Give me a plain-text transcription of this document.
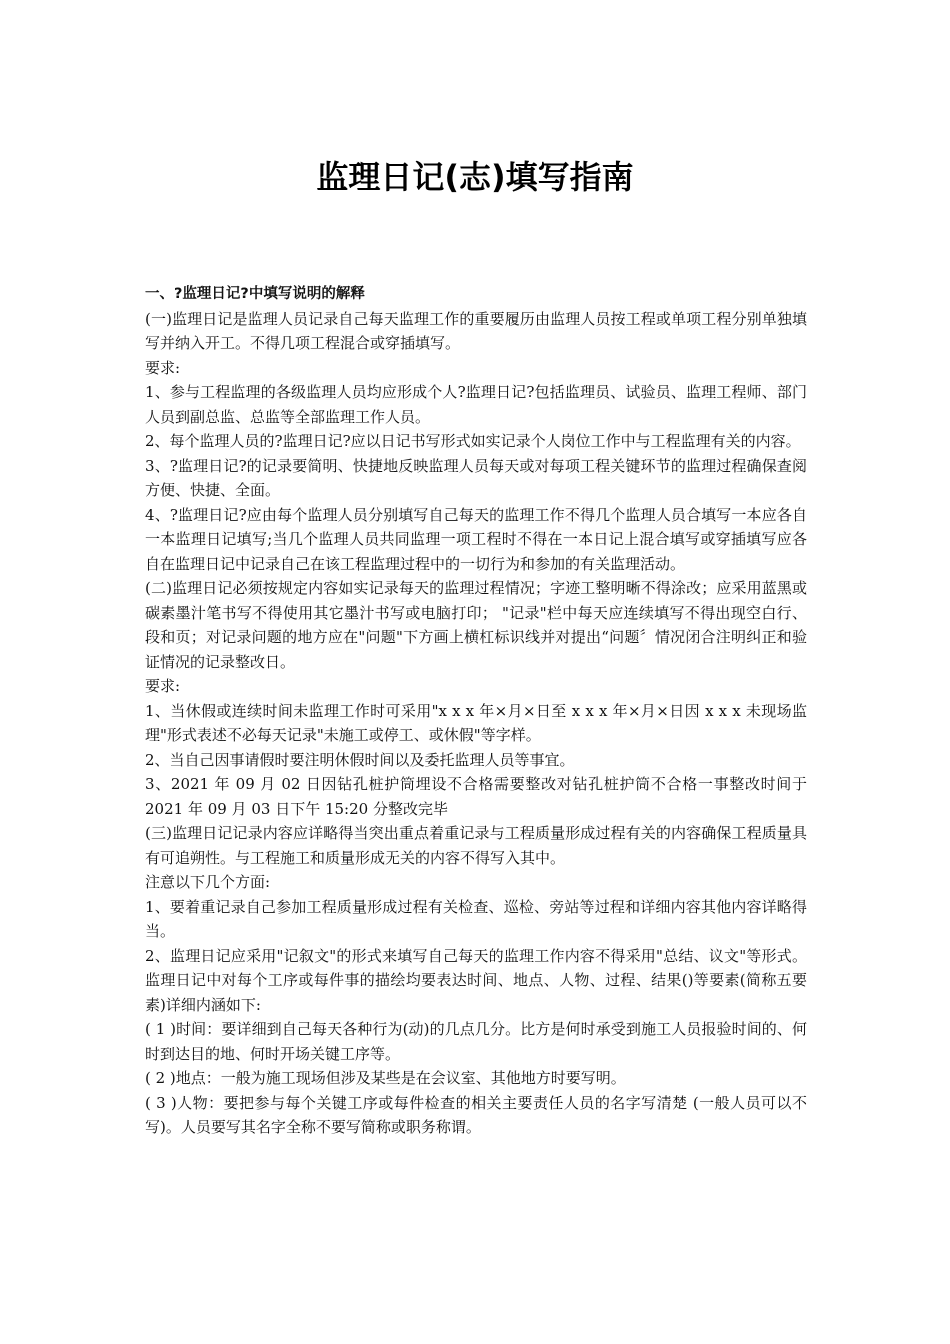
监理日记(志)填写指南

一、?监理日记?中填写说明的解释

(一)监理日记是监理人员记录自己每天监理工作的重要履历由监理人员按工程或单项工程分别单独填写并纳入开工。不得几项工程混合或穿插填写。

要求:

1、参与工程监理的各级监理人员均应形成个人?监理日记?包括监理员、试验员、监理工程师、部门人员到副总监、总监等全部监理工作人员。

2、每个监理人员的?监理日记?应以日记书写形式如实记录个人岗位工作中与工程监理有关的内容。

3、?监理日记?的记录要简明、快捷地反映监理人员每天或对每项工程关键环节的监理过程确保查阅方便、快捷、全面。

4、?监理日记?应由每个监理人员分别填写自己每天的监理工作不得几个监理人员合填写一本应各自一本监理日记填写;当几个监理人员共同监理一项工程时不得在一本日记上混合填写或穿插填写应各自在监理日记中记录自己在该工程监理过程中的一切行为和参加的有关监理活动。

(二)监理日记必须按规定内容如实记录每天的监理过程情况；字迹工整明晰不得涂改；应采用蓝黑或碳素墨汁笔书写不得使用其它墨汁书写或电脑打印； "记录"栏中每天应连续填写不得出现空白行、段和页；对记录问题的地方应在"问题"下方画上横杠标识线并对提出“问题〞情况闭合注明纠正和验证情况的记录整改日。

要求:

1、当休假或连续时间未监理工作时可采用"x x x 年×月×日至 x x x 年×月×日因 x x x 未现场监理"形式表述不必每天记录"未施工或停工、或休假"等字样。

2、当自己因事请假时要注明休假时间以及委托监理人员等事宜。

3、2021 年 09 月 02 日因钻孔桩护筒埋设不合格需要整改对钻孔桩护筒不合格一事整改时间于 2021 年 09 月 03 日下午 15:20 分整改完毕

(三)监理日记记录内容应详略得当突出重点着重记录与工程质量形成过程有关的内容确保工程质量具有可追朔性。与工程施工和质量形成无关的内容不得写入其中。

注意以下几个方面:

1、要着重记录自己参加工程质量形成过程有关检查、巡检、旁站等过程和详细内容其他内容详略得当。

2、监理日记应采用"记叙文"的形式来填写自己每天的监理工作内容不得采用"总结、议文"等形式。监理日记中对每个工序或每件事的描绘均要表达时间、地点、人物、过程、结果()等要素(简称五要素)详细内涵如下:

( 1 )时间：要详细到自己每天各种行为(动)的几点几分。比方是何时承受到施工人员报验时间的、何时到达目的地、何时开场关键工序等。

( 2 )地点：一般为施工现场但涉及某些是在会议室、其他地方时要写明。

( 3 )人物：要把参与每个关键工序或每件检查的相关主要责任人员的名字写清楚 (一般人员可以不写)。人员要写其名字全称不要写简称或职务称谓。
